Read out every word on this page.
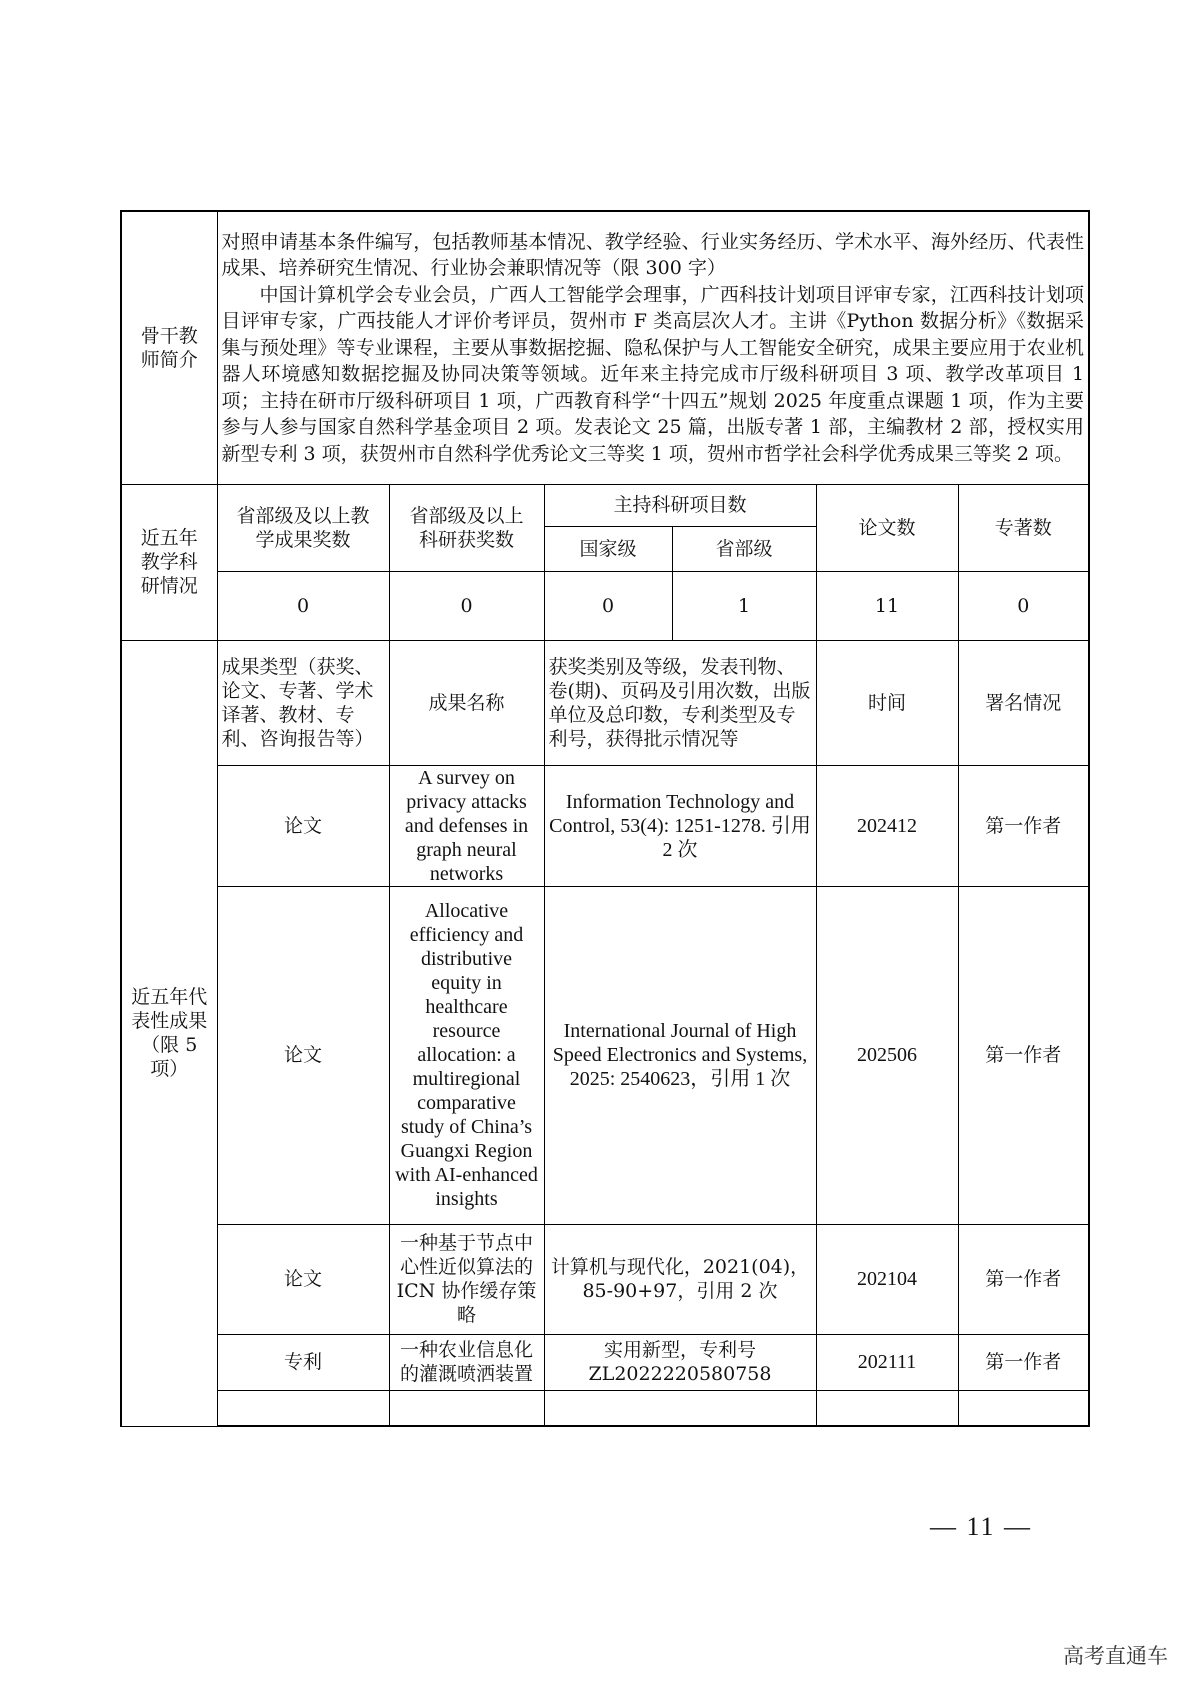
骨干教师简介	对照申请基本条件编写，包括教师基本情况、教学经验、行业实务经历、学术水平、海外经历、代表性成果、培养研究生情况、行业协会兼职情况等（限 300 字）

中国计算机学会专业会员，广西人工智能学会理事，广西科技计划项目评审专家，江西科技计划项目评审专家，广西技能人才评价考评员，贺州市 F 类高层次人才。主讲《Python 数据分析》《数据采集与预处理》等专业课程，主要从事数据挖掘、隐私保护与人工智能安全研究，成果主要应用于农业机器人环境感知数据挖掘及协同决策等领域。近年来主持完成市厅级科研项目 3 项、教学改革项目 1 项；主持在研市厅级科研项目 1 项，广西教育科学“十四五”规划 2025 年度重点课题 1 项，作为主要参与人参与国家自然科学基金项目 2 项。发表论文 25 篇，出版专著 1 部，主编教材 2 部，授权实用新型专利 3 项，获贺州市自然科学优秀论文三等奖 1 项，贺州市哲学社会科学优秀成果三等奖 2 项。					

近五年教学科研情况	省部级及以上教学成果奖数	省部级及以上科研获奖数	主持科研项目数		论文数	专著数
			国家级	省部级		
	0	0	0	1	11	0
近五年代表性成果（限 5 项）	成果类型（获奖、论文、专著、学术译著、教材、专利、咨询报告等）	成果名称	获奖类别及等级，发表刊物、卷(期)、页码及引用次数，出版单位及总印数，专利类型及专利号，获得批示情况等		时间	署名情况
	论文	A survey on privacy attacks and defenses in graph neural networks	Information Technology and Control, 53(4): 1251-1278. 引用 2 次		202412	第一作者
	论文	Allocative efficiency and distributive equity in healthcare resource allocation: a multiregional comparative study of China’s Guangxi Region with AI-enhanced insights	International Journal of High Speed Electronics and Systems, 2025: 2540623，引用 1 次		202506	第一作者
	论文	一种基于节点中心性近似算法的 ICN 协作缓存策略	计算机与现代化，2021(04)，85-90+97，引用 2 次		202104	第一作者
	专利	一种农业信息化的灌溉喷洒装置	实用新型，专利号 ZL2022220580758		202111	第一作者

— 11 —
高考直通车
